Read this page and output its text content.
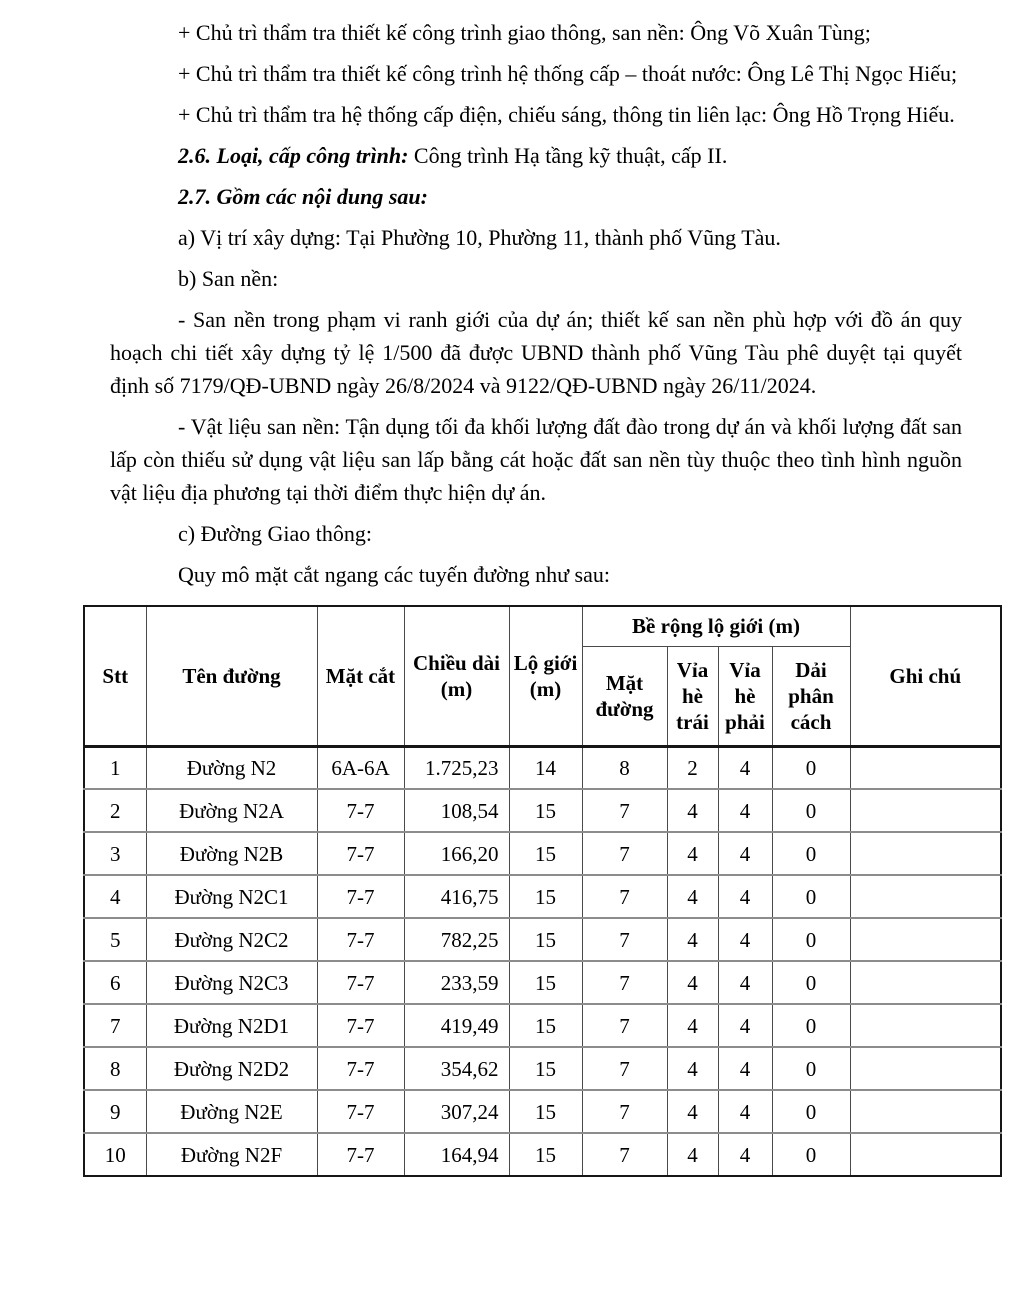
+ Chủ trì thẩm tra thiết kế công trình giao thông, san nền: Ông Võ Xuân Tùng;

+ Chủ trì thẩm tra thiết kế công trình hệ thống cấp – thoát nước: Ông Lê Thị Ngọc Hiếu;

+ Chủ trì thẩm tra hệ thống cấp điện, chiếu sáng, thông tin liên lạc: Ông Hồ Trọng Hiếu.

2.6. Loại, cấp công trình: Công trình Hạ tầng kỹ thuật, cấp II.

2.7. Gồm các nội dung sau:

a) Vị trí xây dựng: Tại Phường 10, Phường 11, thành phố Vũng Tàu.

b) San nền:

- San nền trong phạm vi ranh giới của dự án; thiết kế san nền phù hợp với đồ án quy hoạch chi tiết xây dựng tỷ lệ 1/500 đã được UBND thành phố Vũng Tàu phê duyệt tại quyết định số 7179/QĐ-UBND ngày 26/8/2024 và 9122/QĐ-UBND ngày 26/11/2024.

- Vật liệu san nền: Tận dụng tối đa khối lượng đất đào trong dự án và khối lượng đất san lấp còn thiếu sử dụng vật liệu san lấp bằng cát hoặc đất san nền tùy thuộc theo tình hình nguồn vật liệu địa phương tại thời điểm thực hiện dự án.

c) Đường Giao thông:

Quy mô mặt cắt ngang các tuyến đường như sau:

Stt	Tên đường	Mặt cắt	Chiều dài (m)	Lộ giới (m)	Bề rộng lộ giới (m)				Ghi chú
					Mặt đường	Vỉa hè trái	Vỉa hè phải	Dải phân cách	
1	Đường N2	6A-6A	1.725,23	14	8	2	4	0	
2	Đường N2A	7-7	108,54	15	7	4	4	0	
3	Đường N2B	7-7	166,20	15	7	4	4	0	
4	Đường N2C1	7-7	416,75	15	7	4	4	0	
5	Đường N2C2	7-7	782,25	15	7	4	4	0	
6	Đường N2C3	7-7	233,59	15	7	4	4	0	
7	Đường N2D1	7-7	419,49	15	7	4	4	0	
8	Đường N2D2	7-7	354,62	15	7	4	4	0	
9	Đường N2E	7-7	307,24	15	7	4	4	0	
10	Đường N2F	7-7	164,94	15	7	4	4	0	
